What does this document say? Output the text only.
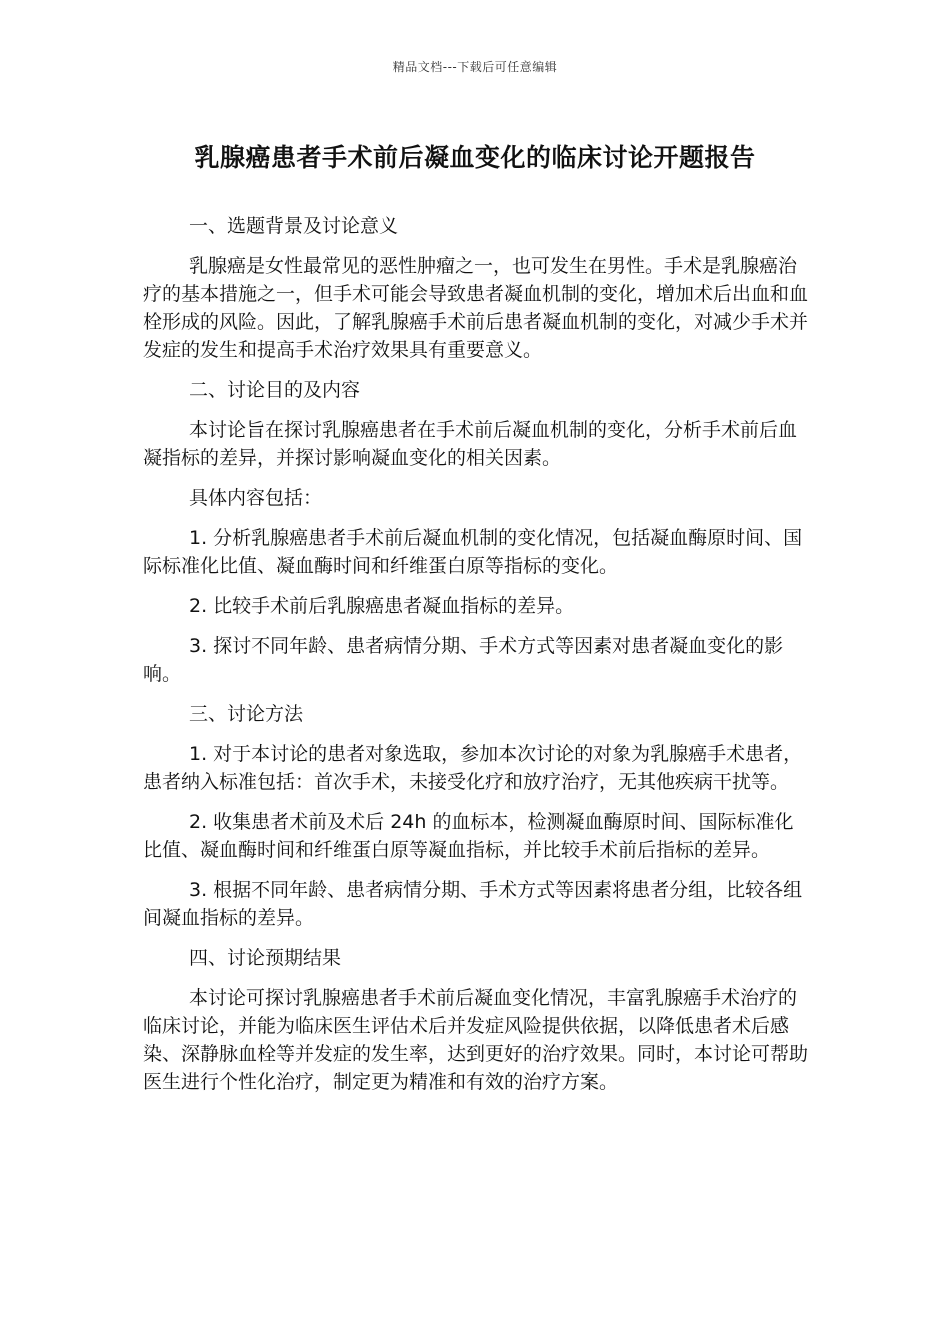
精品文档---下载后可任意编辑
乳腺癌患者手术前后凝血变化的临床讨论开题报告

一、选题背景及讨论意义

乳腺癌是女性最常见的恶性肿瘤之一，也可发生在男性。手术是乳腺癌治疗的基本措施之一，但手术可能会导致患者凝血机制的变化，增加术后出血和血栓形成的风险。因此，了解乳腺癌手术前后患者凝血机制的变化，对减少手术并发症的发生和提高手术治疗效果具有重要意义。

二、讨论目的及内容

本讨论旨在探讨乳腺癌患者在手术前后凝血机制的变化，分析手术前后血凝指标的差异，并探讨影响凝血变化的相关因素。

具体内容包括：

1. 分析乳腺癌患者手术前后凝血机制的变化情况，包括凝血酶原时间、国际标准化比值、凝血酶时间和纤维蛋白原等指标的变化。

2. 比较手术前后乳腺癌患者凝血指标的差异。

3. 探讨不同年龄、患者病情分期、手术方式等因素对患者凝血变化的影响。

三、讨论方法

1. 对于本讨论的患者对象选取，参加本次讨论的对象为乳腺癌手术患者，患者纳入标准包括：首次手术，未接受化疗和放疗治疗，无其他疾病干扰等。

2. 收集患者术前及术后 24h 的血标本，检测凝血酶原时间、国际标准化比值、凝血酶时间和纤维蛋白原等凝血指标，并比较手术前后指标的差异。

3. 根据不同年龄、患者病情分期、手术方式等因素将患者分组，比较各组间凝血指标的差异。

四、讨论预期结果

本讨论可探讨乳腺癌患者手术前后凝血变化情况，丰富乳腺癌手术治疗的临床讨论，并能为临床医生评估术后并发症风险提供依据，以降低患者术后感染、深静脉血栓等并发症的发生率，达到更好的治疗效果。同时，本讨论可帮助医生进行个性化治疗，制定更为精准和有效的治疗方案。
